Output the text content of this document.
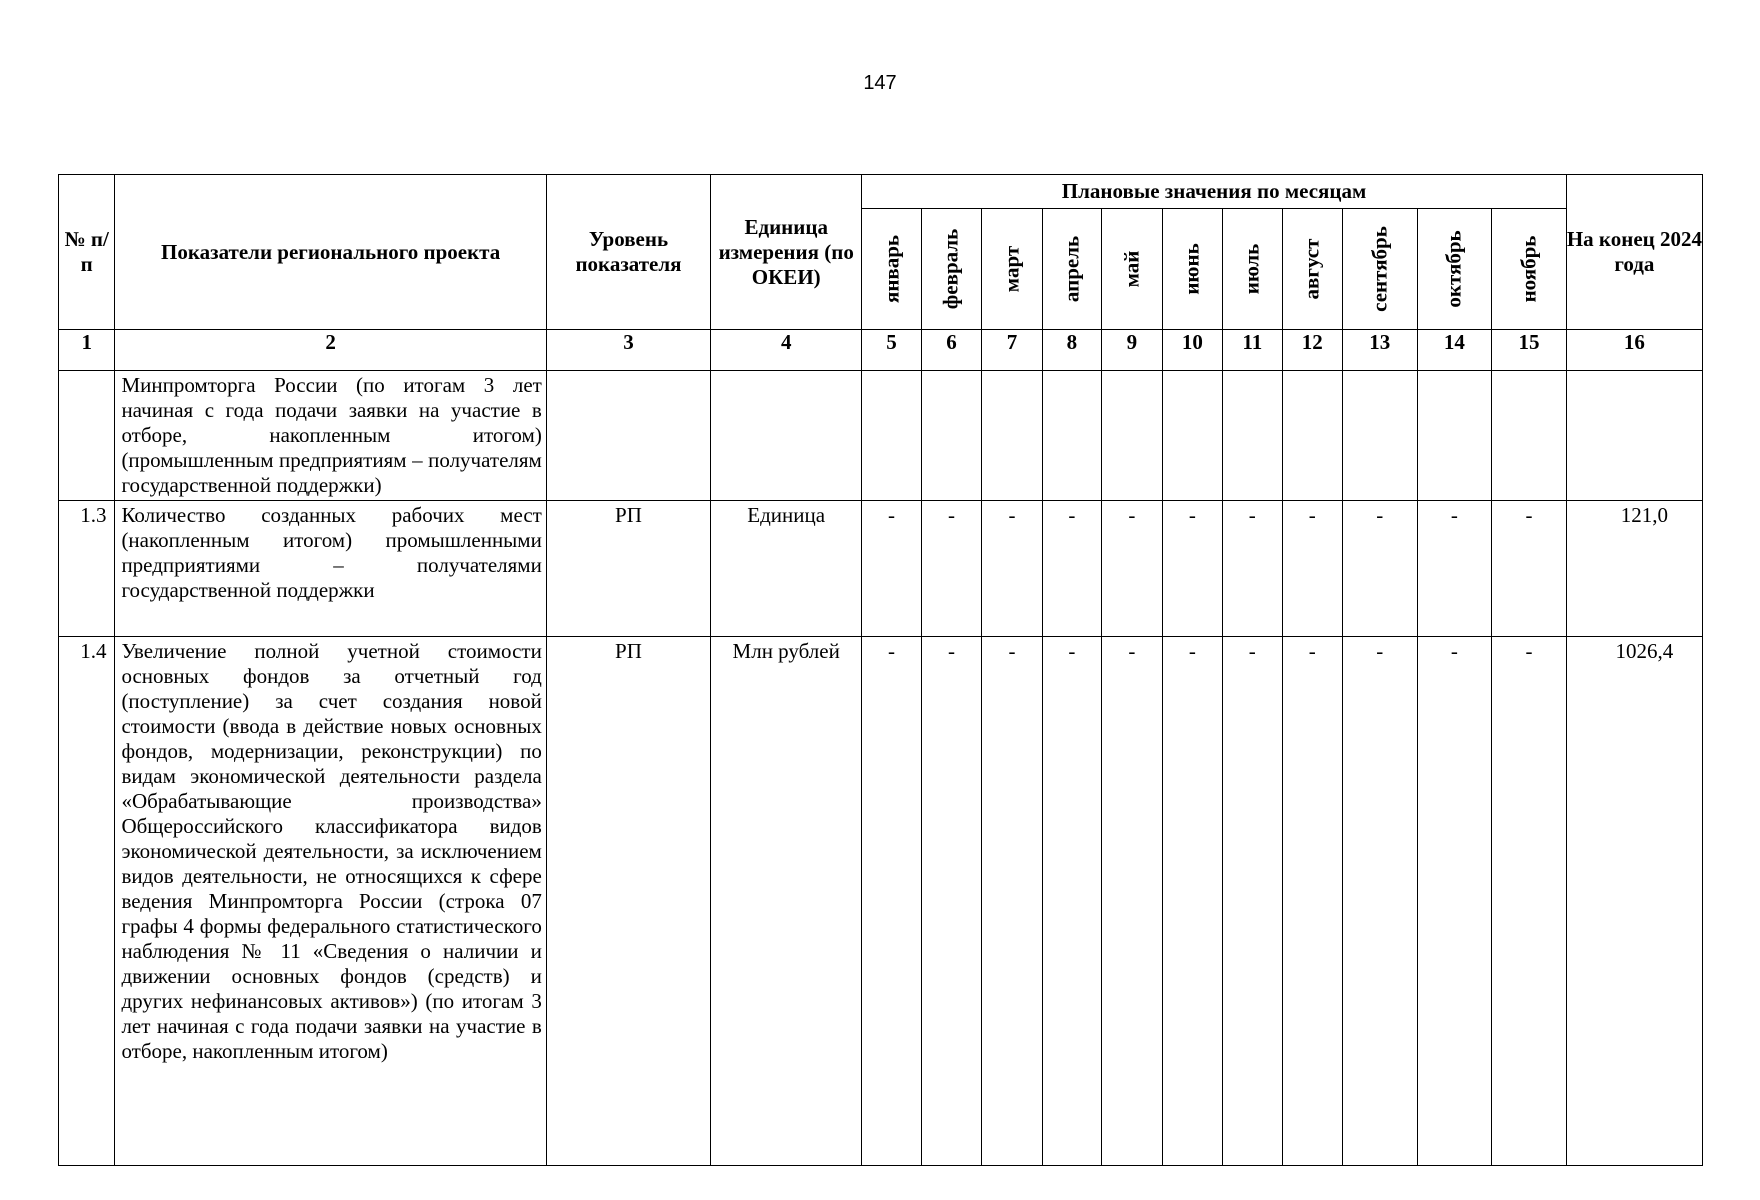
147
№ п/п	Показатели регионального проекта	Уровень показателя	Единица измерения (по ОКЕИ)	Плановые значения по месяцам											На конец 2024 года

				январь	февраль	март	апрель	май	июнь	июль	август	сентябрь	октябрь	ноябрь	

1	2	3	4	5	6	7	8	9	10	11	12	13	14	15	16
	Минпромторга России (по итогам 3 лет начиная с года подачи заявки на участие в отборе, накопленным итогом) (промышленным предприятиям – получателям государственной поддержки)														
1.3	Количество созданных рабочих мест (накопленным итогом) промышленными предприятиями – получателями государственной поддержки	РП	Единица	-	-	-	-	-	-	-	-	-	-	-	121,0
1.4	Увеличение полной учетной стоимости основных фондов за отчетный год (поступление) за счет создания новой стоимости (ввода в действие новых основных фондов, модернизации, реконструкции) по видам экономической деятельности раздела «Обрабатывающие производства» Общероссийского классификатора видов экономической деятельности, за исключением видов деятельности, не относящихся к сфере ведения Минпромторга России (строка 07 графы 4 формы федерального статистического наблюдения № 11 «Сведения о наличии и движении основных фондов (средств) и других нефинансовых активов») (по итогам 3 лет начиная с года подачи заявки на участие в отборе, накопленным итогом)	РП	Млн рублей	-	-	-	-	-	-	-	-	-	-	-	1026,4
